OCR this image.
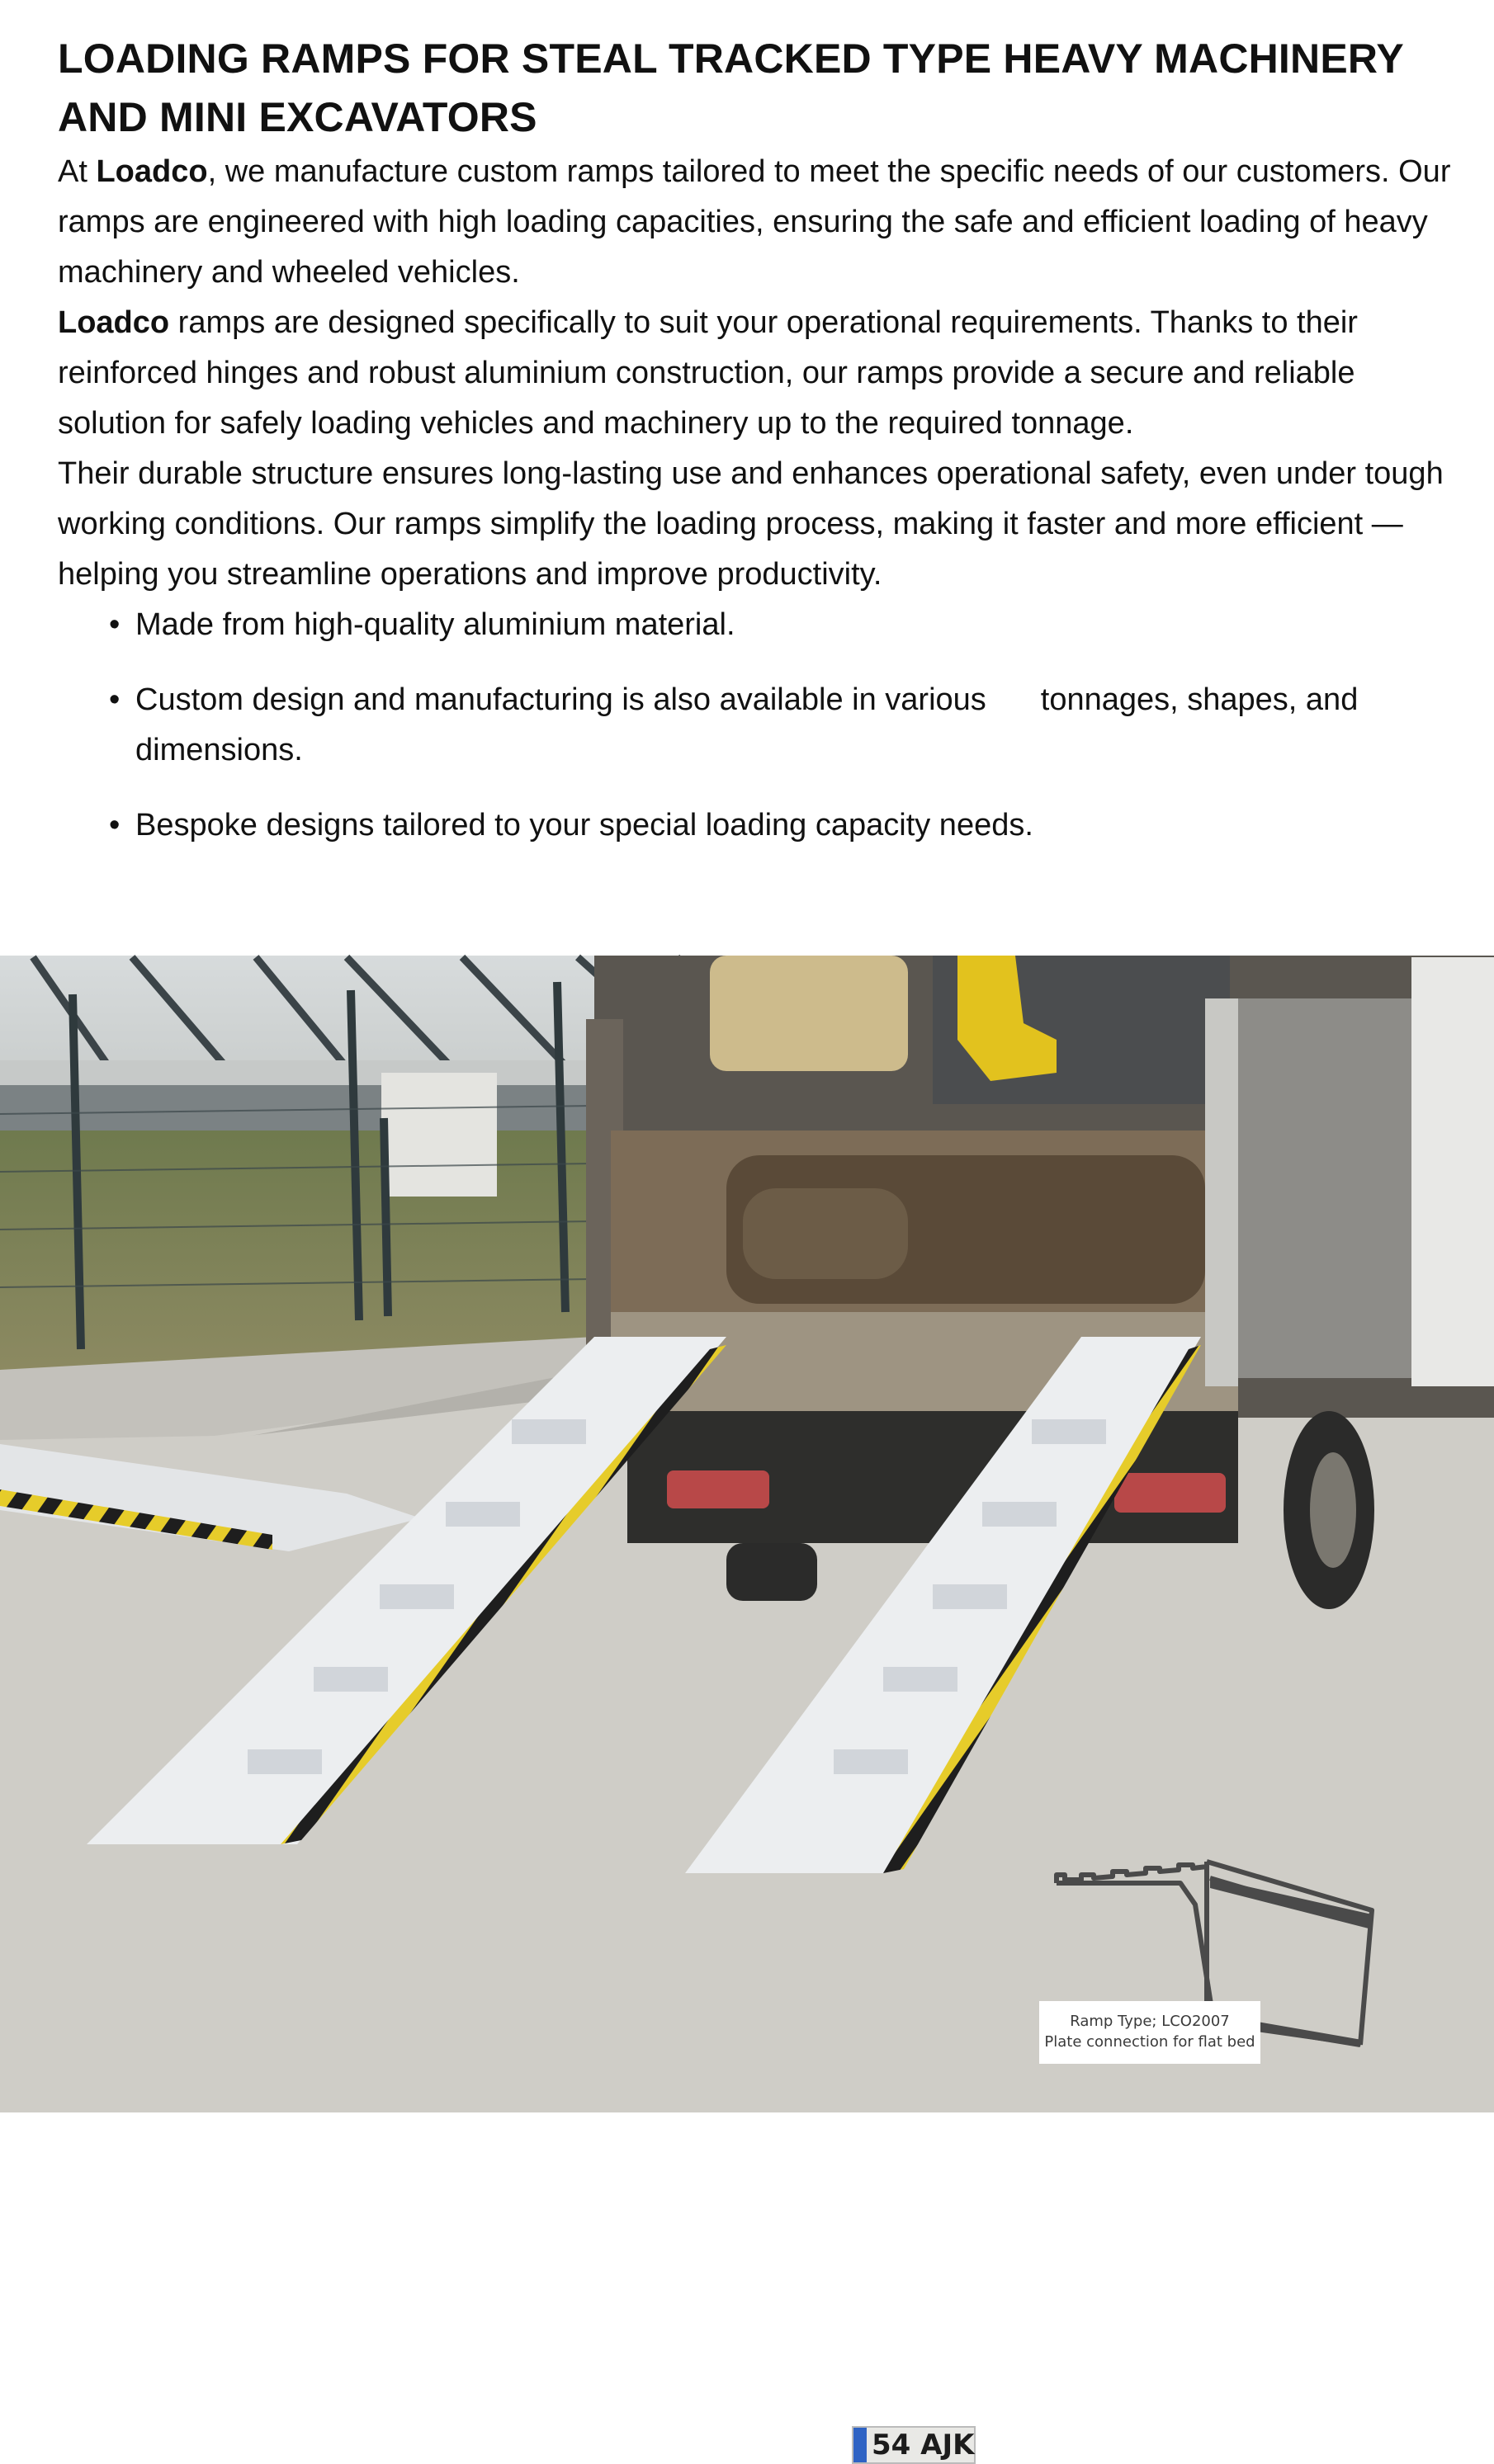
LOADING RAMPS FOR STEAL TRACKED TYPE HEAVY MACHINERY AND MINI EXCAVATORS

At Loadco, we manufacture custom ramps tailored to meet the specific needs of our customers. Our ramps are engineered with high loading capacities, ensuring the safe and efficient loading of heavy machinery and wheeled vehicles.

Loadco ramps are designed specifically to suit your operational requirements. Thanks to their reinforced hinges and robust aluminium construction, our ramps provide a secure and reliable solution for safely loading vehicles and machinery up to the required tonnage.

Their durable structure ensures long-lasting use and enhances operational safety, even under tough working conditions. Our ramps simplify the loading process, making it faster and more efficient — helping you streamline operations and improve productivity.

• Made from high-quality aluminium material.
• Custom design and manufacturing is also available in various tonnages, shapes, and dimensions.
• Bespoke designs tailored to your special loading capacity needs.
54 AJK
Ramp Type; LCO2007
Plate connection for flat bed
